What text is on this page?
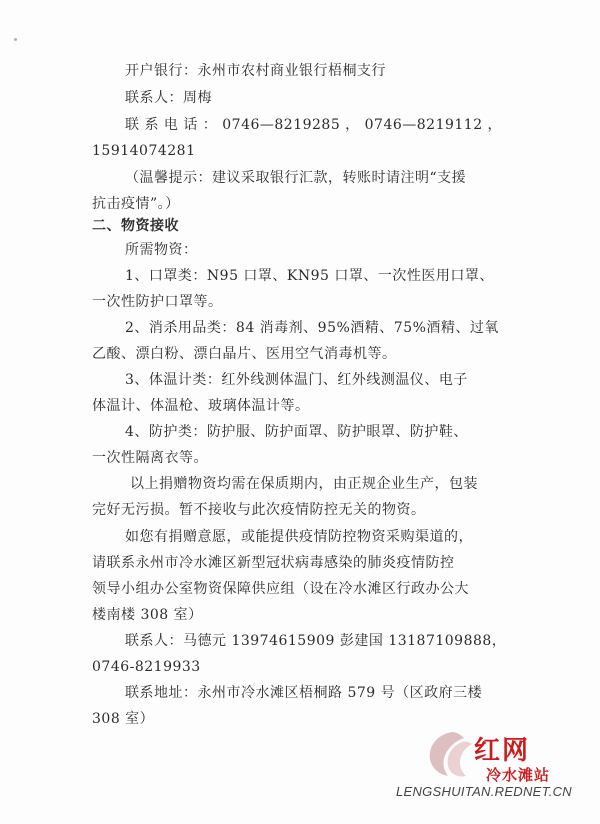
开户银行：永州市农村商业银行梧桐支行
联系人：周梅
联 系 电 话 ： 0746—8219285 ， 0746—8219112 ，
15914074281
（温馨提示：建议采取银行汇款，转账时请注明“支援
抗击疫情”。）
二、物资接收
所需物资：
1、口罩类：N95 口罩、KN95 口罩、一次性医用口罩、
一次性防护口罩等。
2、消杀用品类：84 消毒剂、95%酒精、75%酒精、过氧
乙酸、漂白粉、漂白晶片、医用空气消毒机等。
3、体温计类：红外线测体温门、红外线测温仪、电子
体温计、体温枪、玻璃体温计等。
4、防护类：防护服、防护面罩、防护眼罩、防护鞋、
一次性隔离衣等。
以上捐赠物资均需在保质期内，由正规企业生产，包装
完好无污损。暂不接收与此次疫情防控无关的物资。
如您有捐赠意愿，或能提供疫情防控物资采购渠道的，
请联系永州市冷水滩区新型冠状病毒感染的肺炎疫情防控
领导小组办公室物资保障供应组（设在冷水滩区行政办公大
楼南楼 308 室）
联系人：马德元 13974615909 彭建国 13187109888，
0746-8219933
联系地址：永州市冷水滩区梧桐路 579 号（区政府三楼
308 室）
红网
冷水滩站
LENGSHUITAN.REDNET.CN
